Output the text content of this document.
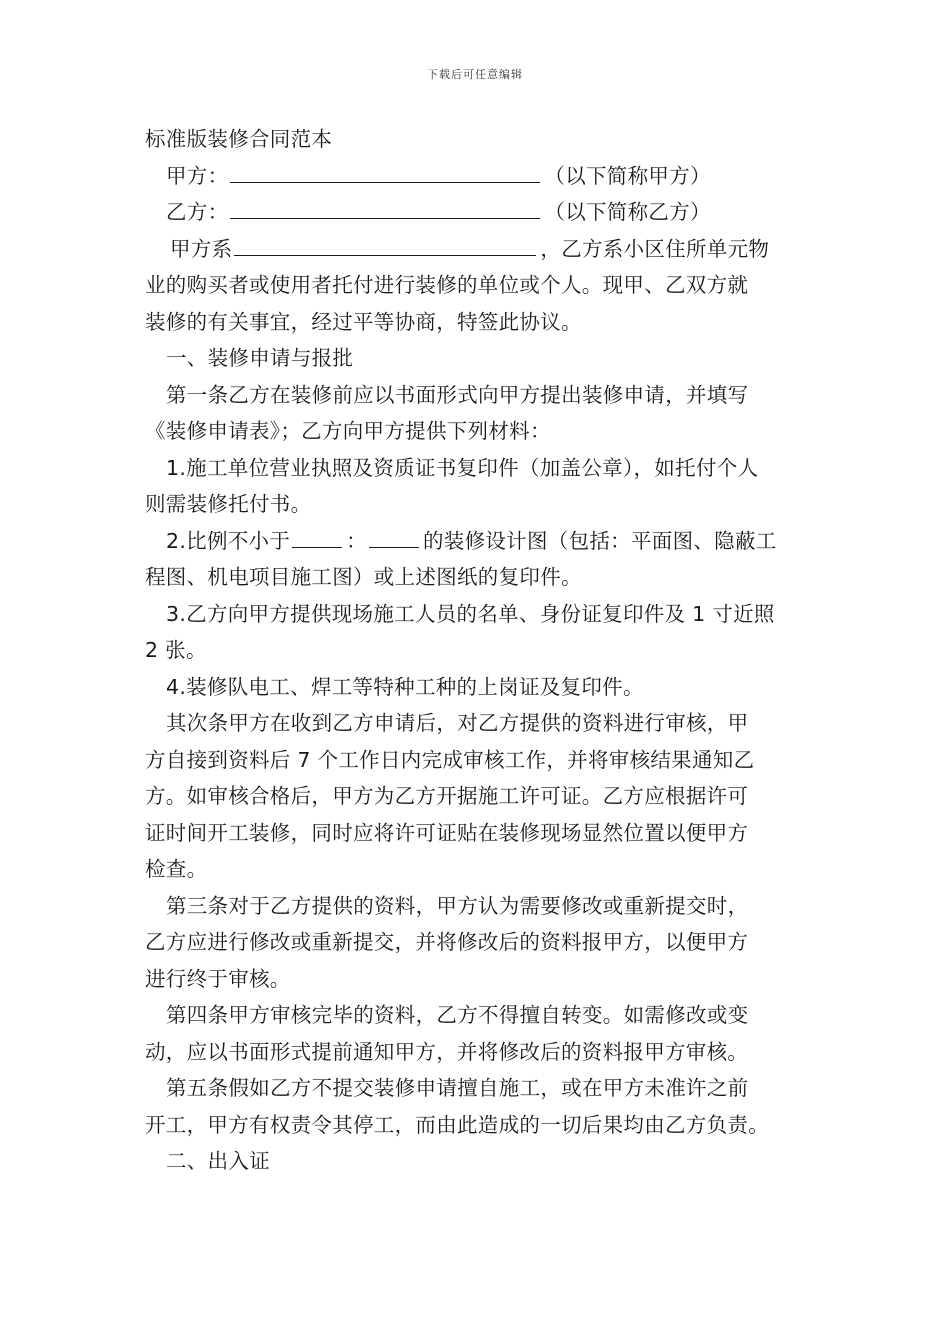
下载后可任意编辑
标准版装修合同范本
甲方：	（以下简称甲方）
乙方：	（以下简称乙方）
甲方系	，乙方系小区住所单元物
业的购买者或使用者托付进行装修的单位或个人。现甲、乙双方就
装修的有关事宜，经过平等协商，特签此协议。
一、装修申请与报批
第一条乙方在装修前应以书面形式向甲方提出装修申请，并填写
《装修申请表》；乙方向甲方提供下列材料：
1.施工单位营业执照及资质证书复印件（加盖公章），如托付个人
则需装修托付书。
2.比例不小于	：	的装修设计图（包括：平面图、隐蔽工
程图、机电项目施工图）或上述图纸的复印件。
3.乙方向甲方提供现场施工人员的名单、身份证复印件及 1 寸近照
2 张。
4.装修队电工、焊工等特种工种的上岗证及复印件。
其次条甲方在收到乙方申请后，对乙方提供的资料进行审核，甲
方自接到资料后 7 个工作日内完成审核工作，并将审核结果通知乙
方。如审核合格后，甲方为乙方开据施工许可证。乙方应根据许可
证时间开工装修，同时应将许可证贴在装修现场显然位置以便甲方
检查。
第三条对于乙方提供的资料，甲方认为需要修改或重新提交时，
乙方应进行修改或重新提交，并将修改后的资料报甲方，以便甲方
进行终于审核。
第四条甲方审核完毕的资料，乙方不得擅自转变。如需修改或变
动，应以书面形式提前通知甲方，并将修改后的资料报甲方审核。
第五条假如乙方不提交装修申请擅自施工，或在甲方未准许之前
开工，甲方有权责令其停工，而由此造成的一切后果均由乙方负责。
二、出入证
